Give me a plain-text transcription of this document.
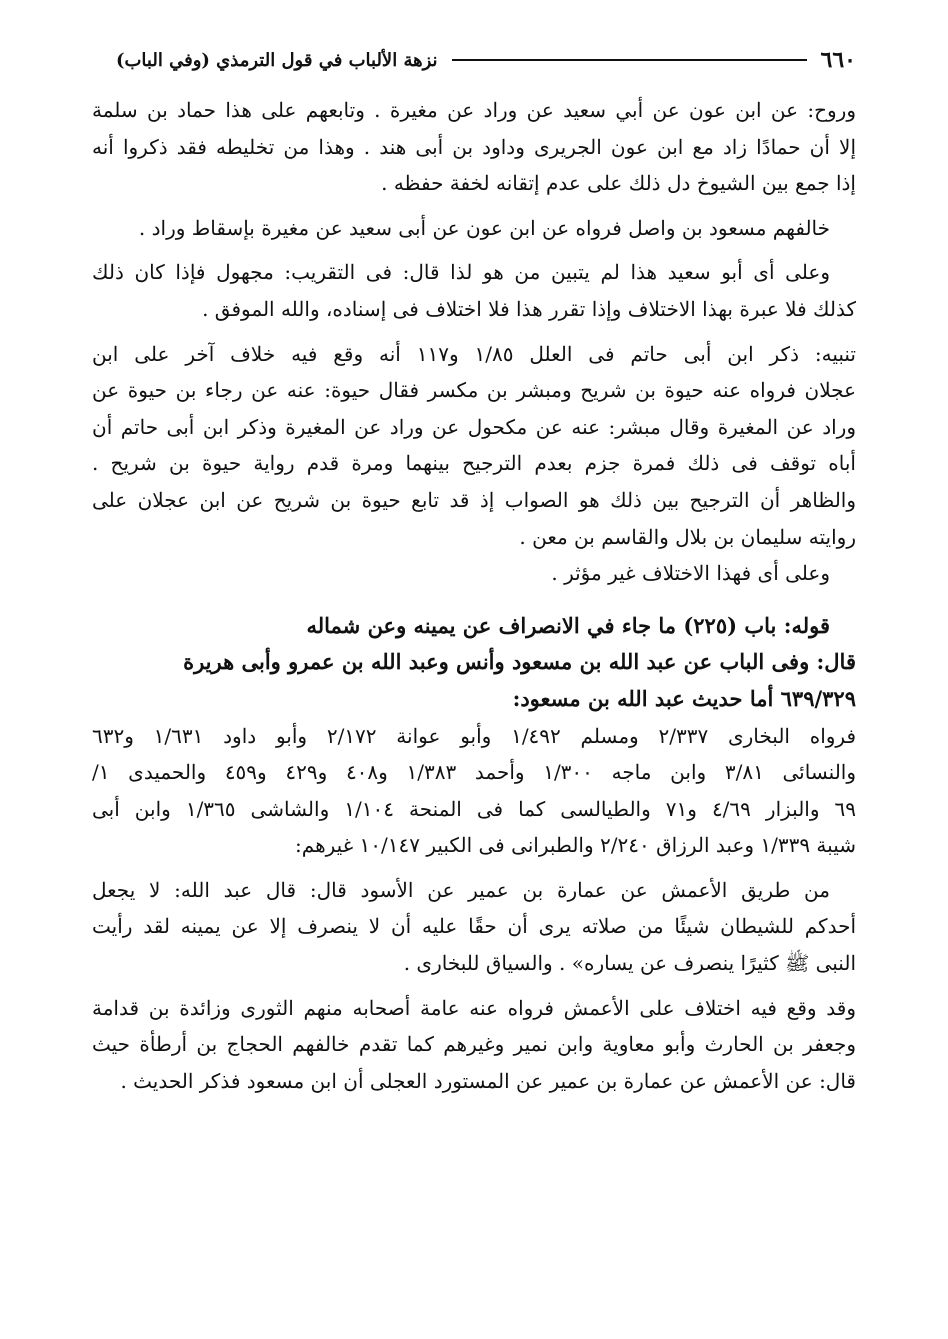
٦٦٠
نزهة الألباب في قول الترمذي (وفي الباب)
وروح: عن ابن عون عن أبي سعيد عن وراد عن مغيرة . وتابعهم على هذا حماد بن سلمة
إلا أن حمادًا زاد مع ابن عون الجريرى وداود بن أبى هند . وهذا من تخليطه فقد ذكروا أنه
إذا جمع بين الشيوخ دل ذلك على عدم إتقانه لخفة حفظه .
خالفهم مسعود بن واصل فرواه عن ابن عون عن أبى سعيد عن مغيرة بإسقاط وراد .
وعلى أى أبو سعيد هذا لم يتبين من هو لذا قال: فى التقريب: مجهول فإذا كان ذلك
كذلك فلا عبرة بهذا الاختلاف وإذا تقرر هذا فلا اختلاف فى إسناده، والله الموفق .
تنبيه: ذكر ابن أبى حاتم فى العلل ١/٨٥ و١١٧ أنه وقع فيه خلاف آخر على ابن
عجلان فرواه عنه حيوة بن شريح ومبشر بن مكسر فقال حيوة: عنه عن رجاء بن حيوة عن
وراد عن المغيرة وقال مبشر: عنه عن مكحول عن وراد عن المغيرة وذكر ابن أبى حاتم أن
أباه توقف فى ذلك فمرة جزم بعدم الترجيح بينهما ومرة قدم رواية حيوة بن شريح .
والظاهر أن الترجيح بين ذلك هو الصواب إذ قد تابع حيوة بن شريح عن ابن عجلان على
روايته سليمان بن بلال والقاسم بن معن .
وعلى أى فهذا الاختلاف غير مؤثر .
قوله: باب (٢٢٥) ما جاء في الانصراف عن يمينه وعن شماله
قال: وفى الباب عن عبد الله بن مسعود وأنس وعبد الله بن عمرو وأبى هريرة
٦٣٩/٣٢٩ أما حديث عبد الله بن مسعود:
فرواه البخارى ٢/٣٣٧ ومسلم ١/٤٩٢ وأبو عوانة ٢/١٧٢ وأبو داود ١/٦٣١ و٦٣٢
والنسائى ٣/٨١ وابن ماجه ١/٣٠٠ وأحمد ١/٣٨٣ و٤٠٨ و٤٢٩ و٤٥٩ والحميدى ١/
٦٩ والبزار ٤/٦٩ و٧١ والطيالسى كما فى المنحة ١/١٠٤ والشاشى ١/٣٦٥ وابن أبى
شيبة ١/٣٣٩ وعبد الرزاق ٢/٢٤٠ والطبرانى فى الكبير ١٠/١٤٧ غيرهم:
من طريق الأعمش عن عمارة بن عمير عن الأسود قال: قال عبد الله: لا يجعل
أحدكم للشيطان شيئًا من صلاته يرى أن حقًا عليه أن لا ينصرف إلا عن يمينه لقد رأيت
النبى ﷺ كثيرًا ينصرف عن يساره» . والسياق للبخارى .
وقد وقع فيه اختلاف على الأعمش فرواه عنه عامة أصحابه منهم الثورى وزائدة بن قدامة
وجعفر بن الحارث وأبو معاوية وابن نمير وغيرهم كما تقدم خالفهم الحجاج بن أرطأة حيث
قال: عن الأعمش عن عمارة بن عمير عن المستورد العجلى أن ابن مسعود فذكر الحديث .
